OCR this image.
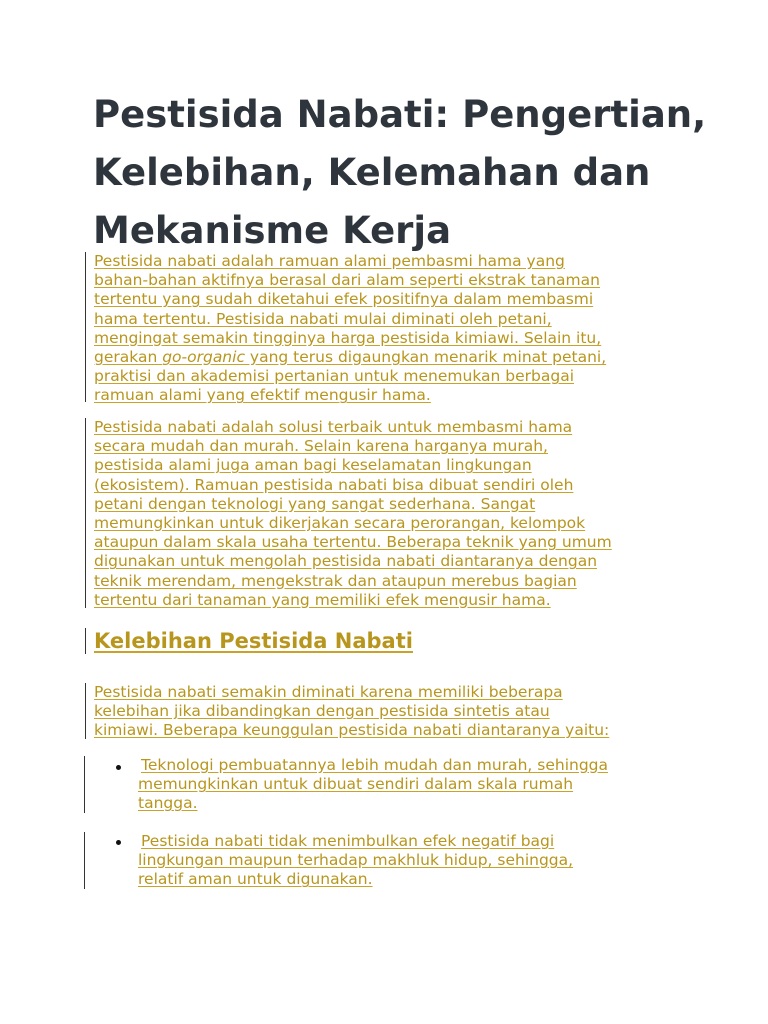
Pestisida Nabati: Pengertian,
Kelebihan, Kelemahan dan
Mekanisme Kerja

Pestisida nabati adalah ramuan alami pembasmi hama yang
bahan-bahan aktifnya berasal dari alam seperti ekstrak tanaman
tertentu yang sudah diketahui efek positifnya dalam membasmi
hama tertentu. Pestisida nabati mulai diminati oleh petani,
mengingat semakin tingginya harga pestisida kimiawi. Selain itu,
gerakan go-organic yang terus digaungkan menarik minat petani,
praktisi dan akademisi pertanian untuk menemukan berbagai
ramuan alami yang efektif mengusir hama.

Pestisida nabati adalah solusi terbaik untuk membasmi hama
secara mudah dan murah. Selain karena harganya murah,
pestisida alami juga aman bagi keselamatan lingkungan
(ekosistem). Ramuan pestisida nabati bisa dibuat sendiri oleh
petani dengan teknologi yang sangat sederhana. Sangat
memungkinkan untuk dikerjakan secara perorangan, kelompok
ataupun dalam skala usaha tertentu. Beberapa teknik yang umum
digunakan untuk mengolah pestisida nabati diantaranya dengan
teknik merendam, mengekstrak dan ataupun merebus bagian
tertentu dari tanaman yang memiliki efek mengusir hama.

Kelebihan Pestisida Nabati

Pestisida nabati semakin diminati karena memiliki beberapa
kelebihan jika dibandingkan dengan pestisida sintetis atau
kimiawi. Beberapa keunggulan pestisida nabati diantaranya yaitu:

Teknologi pembuatannya lebih mudah dan murah, sehingga
memungkinkan untuk dibuat sendiri dalam skala rumah
tangga.

Pestisida nabati tidak menimbulkan efek negatif bagi
lingkungan maupun terhadap makhluk hidup, sehingga,
relatif aman untuk digunakan.
